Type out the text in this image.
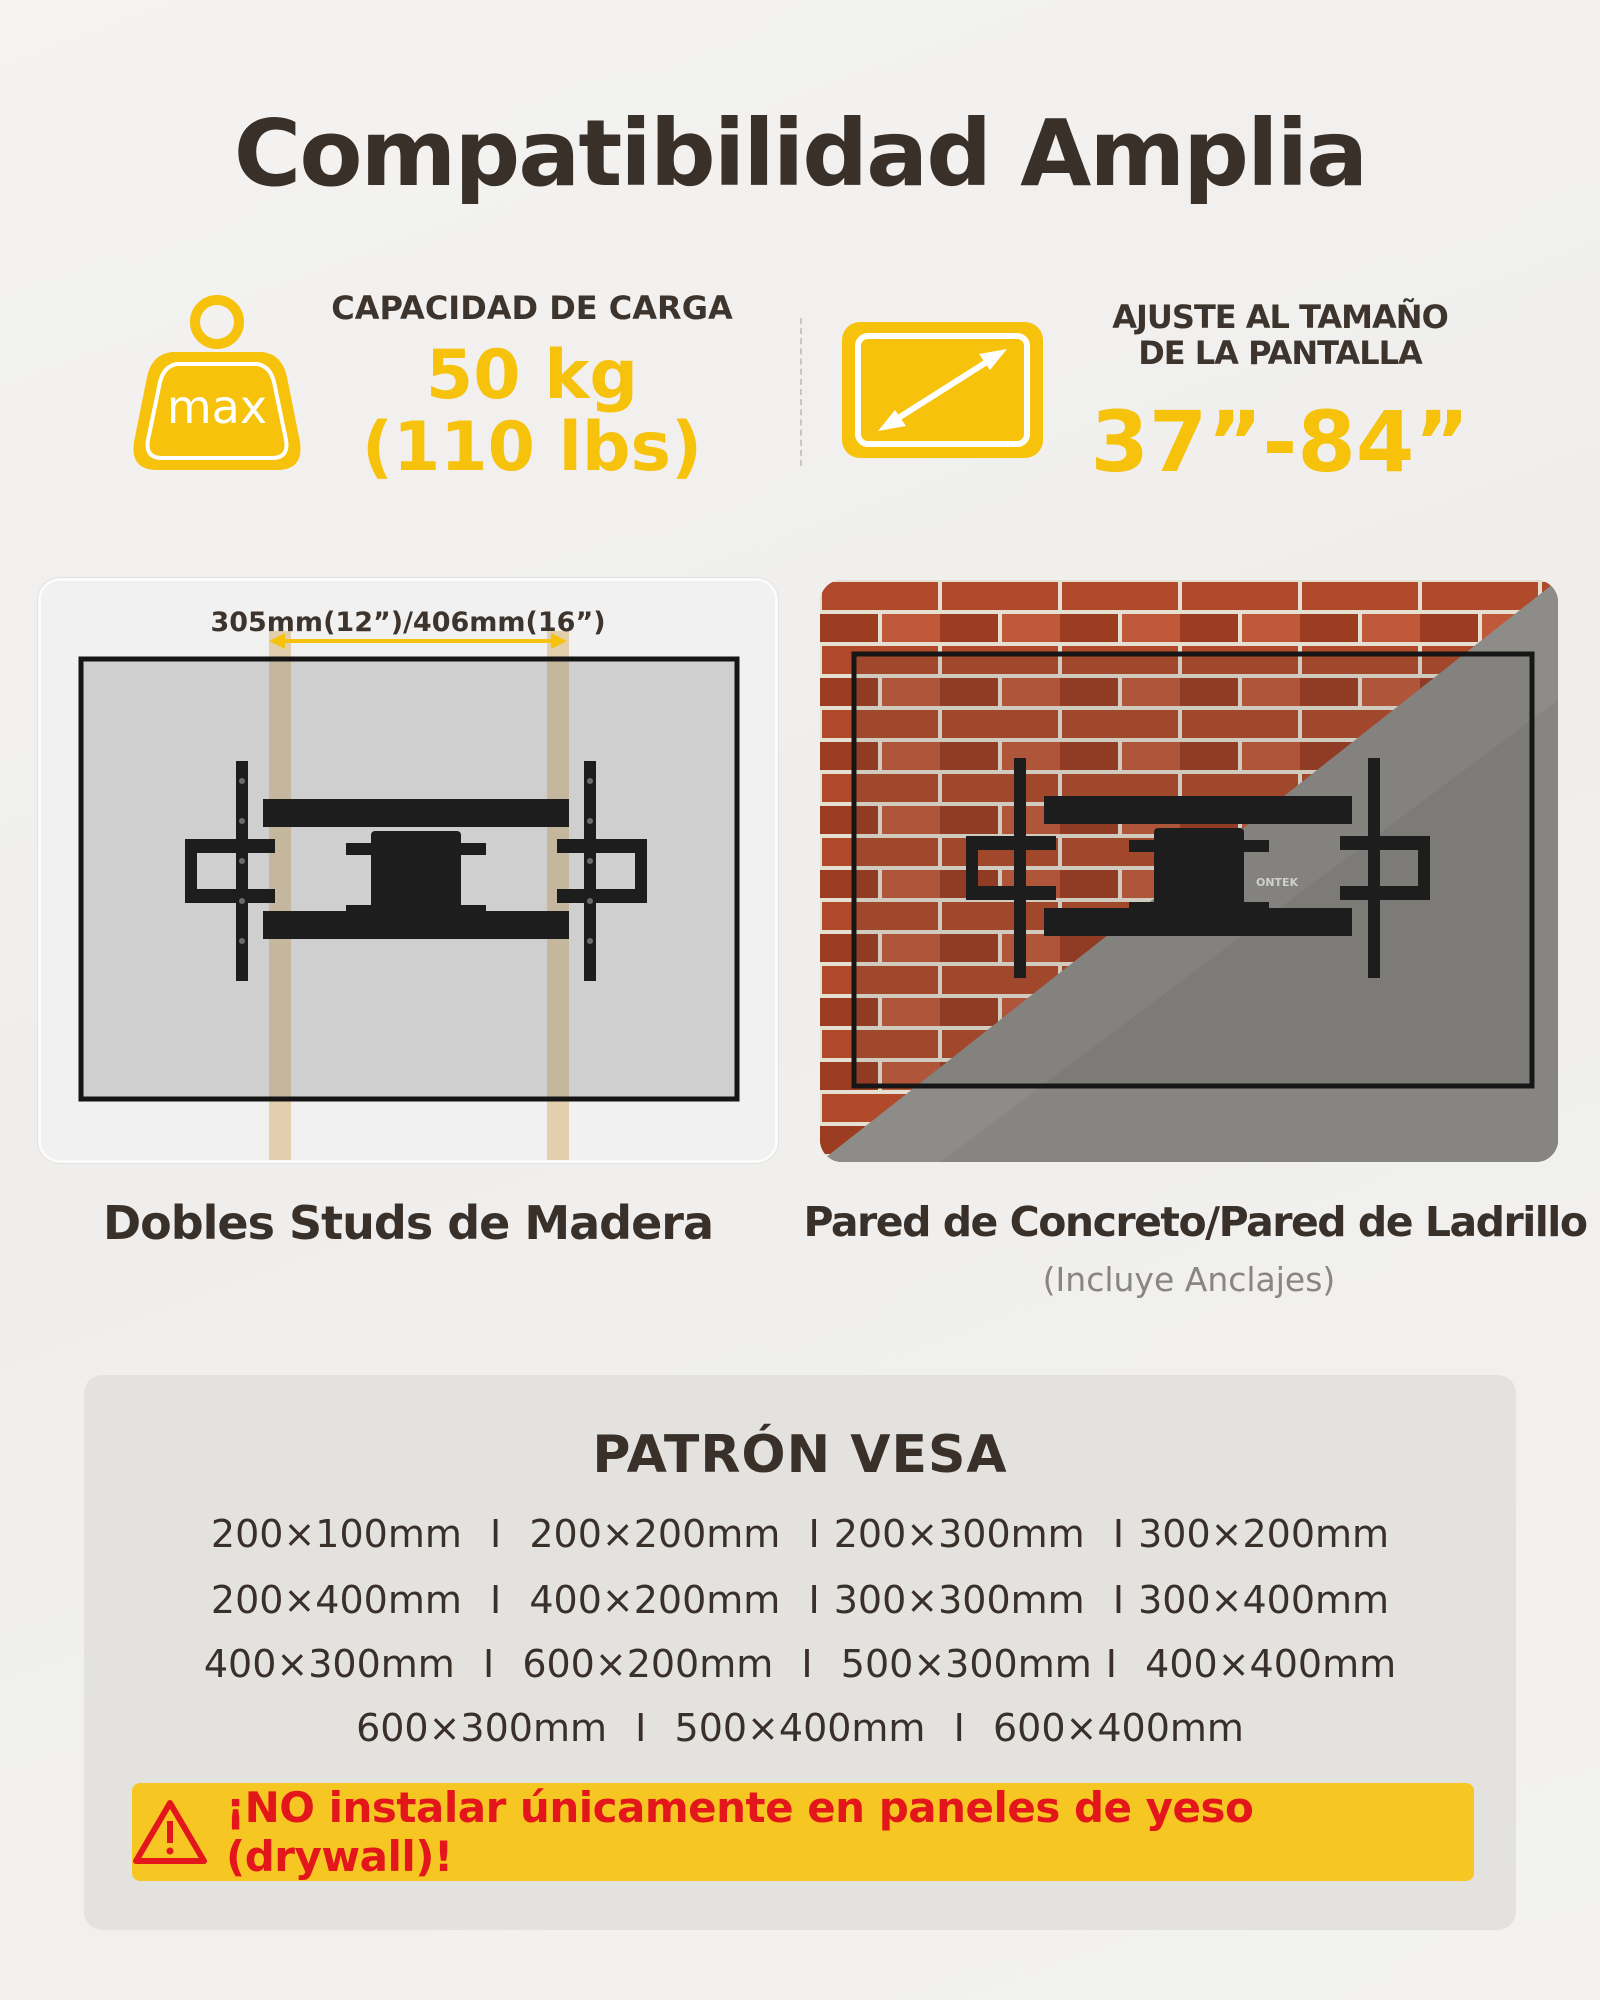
Compatibilidad Amplia
max
CAPACIDAD DE CARGA
50 kg
(110 lbs)
AJUSTE AL TAMAÑO
DE LA PANTALLA
37”-84”
ONTEK
305mm(12”)/406mm(16”)
ONTEK
Dobles Studs de Madera	Pared de Concreto/Pared de Ladrillo
(Incluye Anclajes)
PATRÓN VESA
200×100mm  I  200×200mm  I 200×300mm  I 300×200mm
200×400mm  I  400×200mm  I 300×300mm  I 300×400mm
400×300mm  I  600×200mm  I  500×300mm I  400×400mm
600×300mm  I  500×400mm  I  600×400mm
¡NO instalar únicamente en paneles de yeso (drywall)!
